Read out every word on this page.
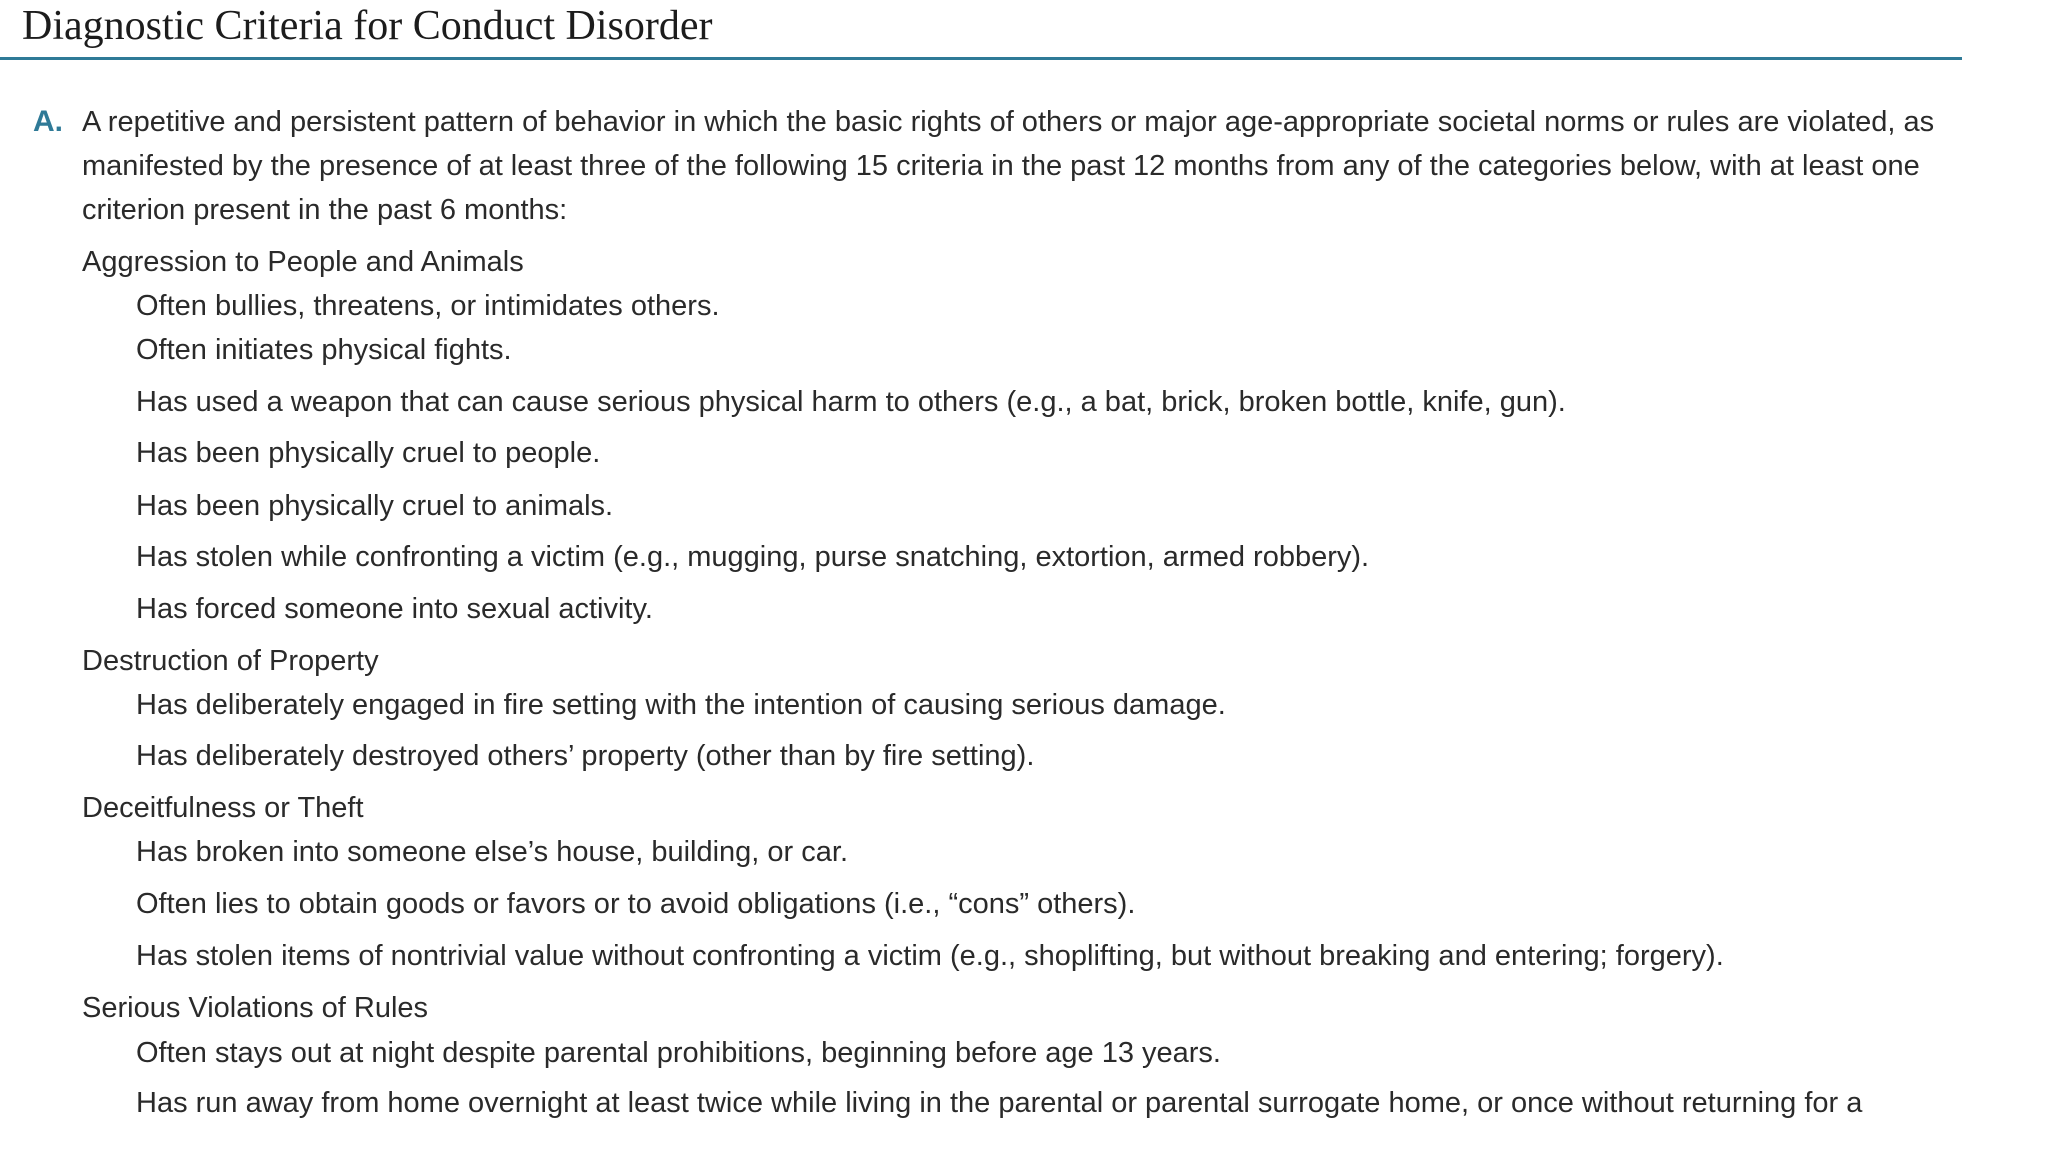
Diagnostic Criteria for Conduct Disorder
A. A repetitive and persistent pattern of behavior in which the basic rights of others or major age-appropriate societal norms or rules are violated, as manifested by the presence of at least three of the following 15 criteria in the past 12 months from any of the categories below, with at least one criterion present in the past 6 months:
Aggression to People and Animals
Often bullies, threatens, or intimidates others.
Often initiates physical fights.
Has used a weapon that can cause serious physical harm to others (e.g., a bat, brick, broken bottle, knife, gun).
Has been physically cruel to people.
Has been physically cruel to animals.
Has stolen while confronting a victim (e.g., mugging, purse snatching, extortion, armed robbery).
Has forced someone into sexual activity.
Destruction of Property
Has deliberately engaged in fire setting with the intention of causing serious damage.
Has deliberately destroyed others’ property (other than by fire setting).
Deceitfulness or Theft
Has broken into someone else’s house, building, or car.
Often lies to obtain goods or favors or to avoid obligations (i.e., “cons” others).
Has stolen items of nontrivial value without confronting a victim (e.g., shoplifting, but without breaking and entering; forgery).
Serious Violations of Rules
Often stays out at night despite parental prohibitions, beginning before age 13 years.
Has run away from home overnight at least twice while living in the parental or parental surrogate home, or once without returning for a
